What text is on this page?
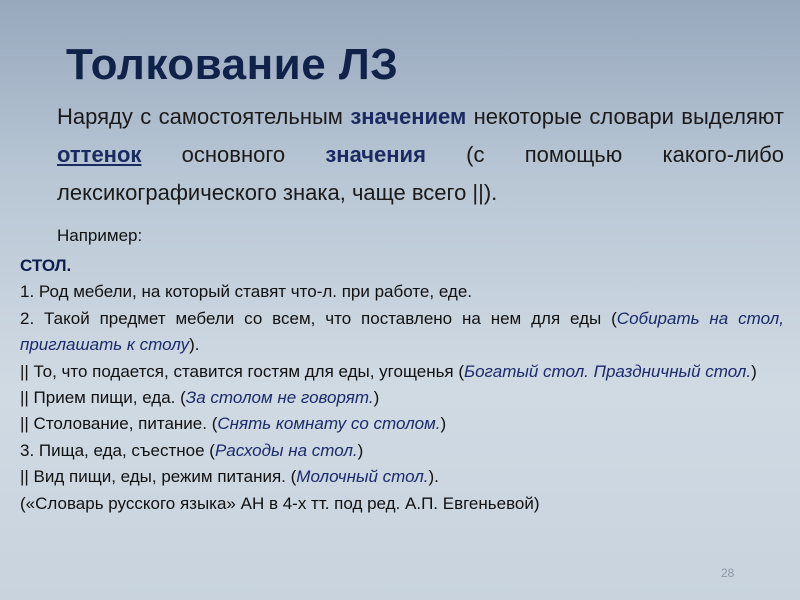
Толкование ЛЗ
Наряду с самостоятельным значением некоторые словари выделяют оттенок основного значения (с помощью какого-либо лексикографического знака, чаще всего ||).
Например:
СТОЛ.
1. Род мебели, на который ставят что-л. при работе, еде.
2. Такой предмет мебели со всем, что поставлено на нем для еды (Собирать на стол, приглашать к столу).
|| То, что подается, ставится гостям для еды, угощенья (Богатый стол. Праздничный стол.)
|| Прием пищи, еда. (За столом не говорят.)
|| Столование, питание. (Снять комнату со столом.)
3. Пища, еда, съестное (Расходы на стол.)
|| Вид пищи, еды, режим питания. (Молочный стол.).
(«Словарь русского языка» АН в 4-х тт. под ред. А.П. Евгеньевой)
28
